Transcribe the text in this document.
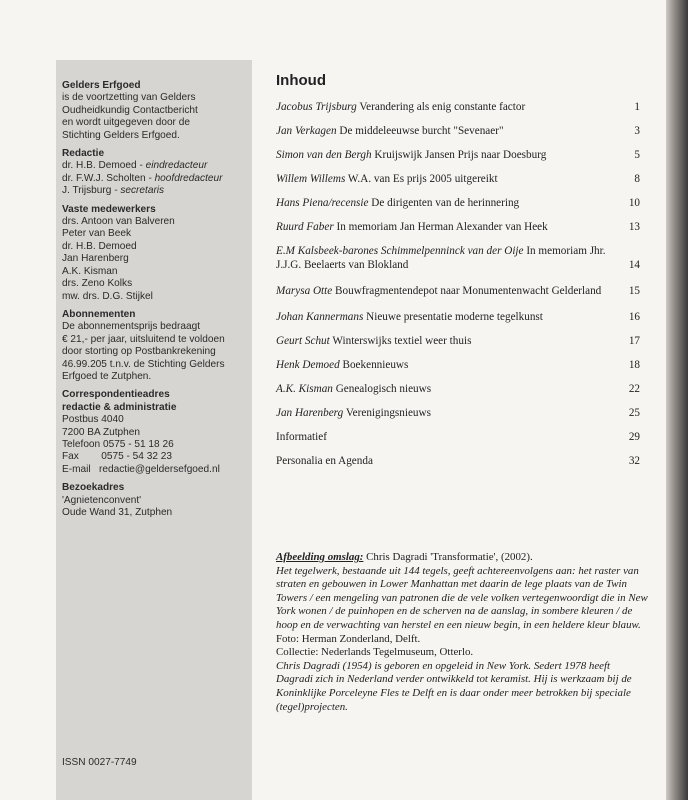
Gelders Erfgoed
is de voortzetting van Gelders
Oudheidkundig Contactbericht
en wordt uitgegeven door de
Stichting Gelders Erfgoed.
Redactie
dr. H.B. Demoed - eindredacteur
dr. F.W.J. Scholten - hoofdredacteur
J. Trijsburg - secretaris
Vaste medewerkers
drs. Antoon van Balveren
Peter van Beek
dr. H.B. Demoed
Jan Harenberg
A.K. Kisman
drs. Zeno Kolks
mw. drs. D.G. Stijkel
Abonnementen
De abonnementsprijs bedraagt
€ 21,- per jaar, uitsluitend te voldoen
door storting op Postbankrekening
46.99.205 t.n.v. de Stichting Gelders
Erfgoed te Zutphen.
Correspondentieadres
redactie & administratie
Postbus 4040
7200 BA Zutphen
Telefoon 0575 - 51 18 26
Fax        0575 - 54 32 23
E-mail   redactie@geldersefgoed.nl
Bezoekadres
'Agnietenconvent'
Oude Wand 31, Zutphen
ISSN 0027-7749
Inhoud
Jacobus Trijsburg Verandering als enig constante factor	1
Jan Verkagen De middeleeuwse burcht "Sevenaer"	3
Simon van den Bergh Kruijswijk Jansen Prijs naar Doesburg	5
Willem Willems W.A. van Es prijs 2005 uitgereikt	8
Hans Piena/recensie De dirigenten van de herinnering	10
Ruurd Faber In memoriam Jan Herman Alexander van Heek	13
E.M Kalsbeek-barones Schimmelpenninck van der Oije In memoriam Jhr. J.J.G. Beelaerts van Blokland	14
Marysa Otte Bouwfragmentendepot naar Monumentenwacht Gelderland	15
Johan Kannermans Nieuwe presentatie moderne tegelkunst	16
Geurt Schut Winterswijks textiel weer thuis	17
Henk Demoed Boekennieuws	18
A.K. Kisman Genealogisch nieuws	22
Jan Harenberg Verenigingsnieuws	25
Informatief	29
Personalia en Agenda	32
Afbeelding omslag: Chris Dagradi 'Transformatie', (2002).
Het tegelwerk, bestaande uit 144 tegels, geeft achtereenvolgens aan: het raster van straten en gebouwen in Lower Manhattan met daarin de lege plaats van de Twin Towers / een mengeling van patronen die de vele volken vertegenwoordigt die in New York wonen / de puinhopen en de scherven na de aanslag, in sombere kleuren / de hoop en de verwachting van herstel en een nieuw begin, in een heldere kleur blauw.
Foto: Herman Zonderland, Delft.
Collectie: Nederlands Tegelmuseum, Otterlo.
Chris Dagradi (1954) is geboren en opgeleid in New York. Sedert 1978 heeft Dagradi zich in Nederland verder ontwikkeld tot keramist. Hij is werkzaam bij de Koninklijke Porceleyne Fles te Delft en is daar onder meer betrokken bij speciale (tegel)projecten.
